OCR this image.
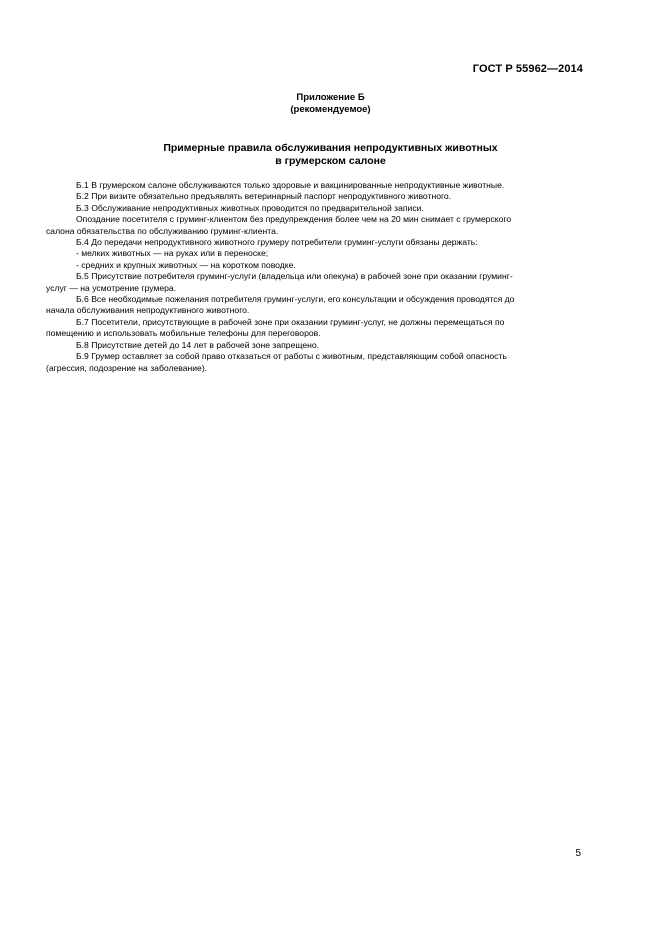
ГОСТ Р 55962—2014
Приложение Б
(рекомендуемое)
Примерные правила обслуживания непродуктивных животных
в грумерском салоне
Б.1 В грумерском салоне обслуживаются только здоровые и вакцинированные непродуктивные животные.
Б.2 При визите обязательно предъявлять ветеринарный паспорт непродуктивного животного.
Б.3 Обслуживание непродуктивных животных проводится по предварительной записи.
Опоздание посетителя с груминг-клиентом без предупреждения более чем на 20 мин снимает с грумерского
салона обязательства по обслуживанию груминг-клиента.
Б.4 До передачи непродуктивного животного грумеру потребители груминг-услуги обязаны держать:
- мелких животных — на руках или в переноске;
- средних и крупных животных — на коротком поводке.
Б.5 Присутствие потребителя груминг-услуги (владельца или опекуна) в рабочей зоне при оказании груминг-
услуг — на усмотрение грумера.
Б.6 Все необходимые пожелания потребителя груминг-услуги, его консультации и обсуждения проводятся до
начала обслуживания непродуктивного животного.
Б.7 Посетители, присутствующие в рабочей зоне при оказании груминг-услуг, не должны перемещаться по
помещению и использовать мобильные телефоны для переговоров.
Б.8 Присутствие детей до 14 лет в рабочей зоне запрещено.
Б.9 Грумер оставляет за собой право отказаться от работы с животным, представляющим собой опасность
(агрессия, подозрение на заболевание).
5
